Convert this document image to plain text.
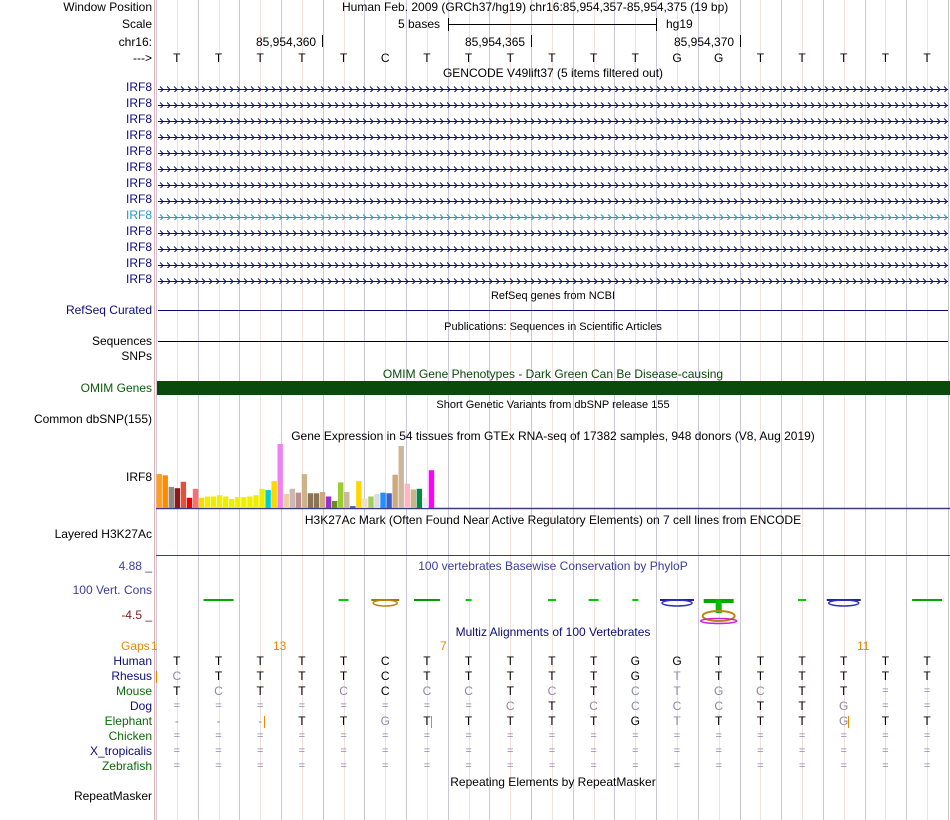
Window Position	Human Feb. 2009 (GRCh37/hg19) chr16:85,954,357-85,954,375 (19 bp)
Scale	5 bases	hg19
chr16:	85,954,360	85,954,365	85,954,370
--->	T	T	T	T	T	C	T	T	T	T	T	T	G	G	T	T	T	T	T
GENCODE V49lift37 (5 items filtered out)
IRF8
IRF8
IRF8
IRF8
IRF8
IRF8
IRF8
IRF8
IRF8
IRF8
IRF8
IRF8
IRF8
RefSeq genes from NCBI
RefSeq Curated
Publications: Sequences in Scientific Articles
Sequences
SNPs
OMIM Gene Phenotypes - Dark Green Can Be Disease-causing
OMIM Genes
Short Genetic Variants from dbSNP release 155
Common dbSNP(155)
Gene Expression in 54 tissues from GTEx RNA-seq of 17382 samples, 948 donors (V8, Aug 2019)
IRF8
H3K27Ac Mark (Often Found Near Active Regulatory Elements) on 7 cell lines from ENCODE
Layered H3K27Ac
100 vertebrates Basewise Conservation by PhyloP
4.88 _
100 Vert. Cons
-4.5 _
Multiz Alignments of 100 Vertebrates
Gaps 1	13	7	11
Human	T	T	T	T	T	C	T	T	T	T	T	G	G	T	T	T	T	T	T
Rhesus	C	T	T	T	T	C	T	T	T	T	T	G	T	T	T	T	T	T	T
Mouse	T	C	T	T	C	C	C	C	T	C	T	C	T	G	C	T	T	=	=
Dog	=	=	=	=	=	=	=	=	C	T	C	C	C	C	T	T	G	=	=
Elephant	-	-	-	T	T	G	T	T	T	T	T	G	T	T	T	T	G	T	T
Chicken	=	=	=	=	=	=	=	=	=	=	=	=	=	=	=	=	=	=	=
X_tropicalis	=	=	=	=	=	=	=	=	=	=	=	=	=	=	=	=	=	=	=
Zebrafish	=	=	=	=	=	=	=	=	=	=	=	=	=	=	=	=	=	=	=
Repeating Elements by RepeatMasker
RepeatMasker
